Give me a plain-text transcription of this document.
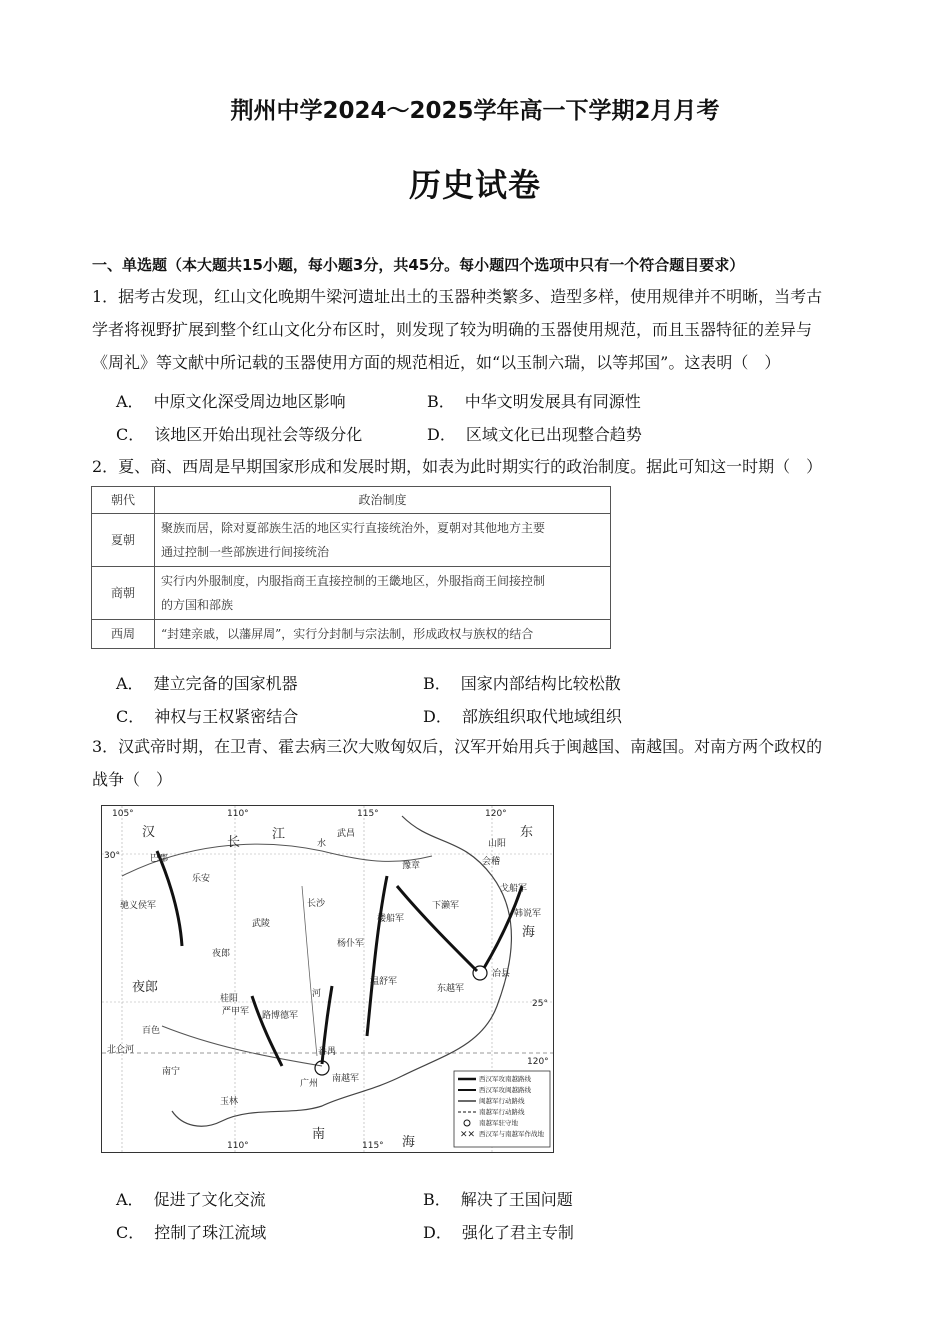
荆州中学2024～2025学年高一下学期2月月考
历史试卷
一、单选题（本大题共15小题，每小题3分，共45分。每小题四个选项中只有一个符合题目要求）
1．据考古发现，红山文化晚期牛梁河遗址出土的玉器种类繁多、造型多样，使用规律并不明晰，当考古
学者将视野扩展到整个红山文化分布区时，则发现了较为明确的玉器使用规范，而且玉器特征的差异与
《周礼》等文献中所记载的玉器使用方面的规范相近，如“以玉制六瑞，以等邦国”。这表明（　）
A． 中原文化深受周边地区影响	B． 中华文明发展具有同源性
C． 该地区开始出现社会等级分化	D． 区域文化已出现整合趋势
2．夏、商、西周是早期国家形成和发展时期，如表为此时期实行的政治制度。据此可知这一时期（　）
朝代	政治制度
夏朝	聚族而居，除对夏部族生活的地区实行直接统治外，夏朝对其他地方主要
通过控制一些部族进行间接统治

商朝	实行内外服制度，内服指商王直接控制的王畿地区，外服指商王间接控制
的方国和部族

西周	“封建亲戚，以藩屏周”，实行分封制与宗法制，形成政权与族权的结合
A． 建立完备的国家机器	B． 国家内部结构比较松散
C． 神权与王权紧密结合	D． 部族组织取代地域组织
3．汉武帝时期，在卫青、霍去病三次大败匈奴后，汉军开始用兵于闽越国、南越国。对南方两个政权的
战争（　）
105°	110°	115°	120°
30°
25°
120°
110°	115°
汉
长
江	东
夜郎
海
南
海
水
武昌
巴郡
驰义侯军
楼船军
杨仆军
下濑军
戈船军
韩说军
东越军
冶县
温舒军
严甲军 路博德军
南越军
广州
番禺
桂阳
玉林
百色
北仑河
南宁
长沙
武陵
豫章	会稽
山阳
河
夜郎
乐安
✕✕
西汉军攻南越路线
西汉军攻闽越路线
闽越军行动路线
南越军行动路线
南越军驻守地
西汉军与南越军作战地
A． 促进了文化交流	B． 解决了王国问题
C． 控制了珠江流域	D． 强化了君主专制
